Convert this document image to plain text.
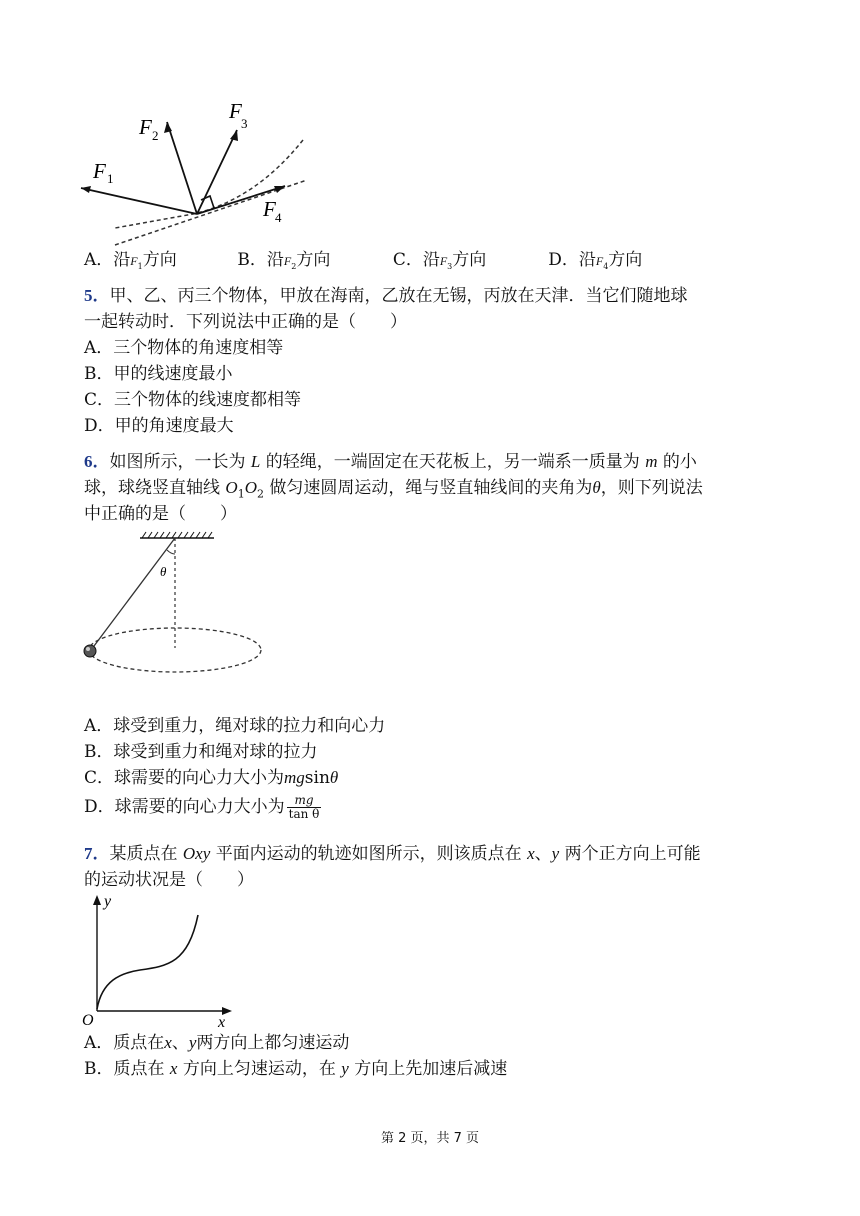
F 1
F 2
F
3
F 4
A．沿F1方向	B．沿F2方向	C．沿F3方向	D．沿F4方向
5．甲、乙、丙三个物体，甲放在海南，乙放在无锡，丙放在天津．当它们随地球
一起转动时．下列说法中正确的是（　　）
A．三个物体的角速度相等
B．甲的线速度最小
C．三个物体的线速度都相等
D．甲的角速度最大
6．如图所示，一长为 L 的轻绳，一端固定在天花板上，另一端系一质量为 m 的小
球，球绕竖直轴线 $O_1O_2$ 做匀速圆周运动，绳与竖直轴线间的夹角为θ，则下列说法
中正确的是（　　）
θ
A．球受到重力，绳对球的拉力和向心力
B．球受到重力和绳对球的拉力
C．球需要的向心力大小为mgsinθ
D．球需要的向心力大小为 $\frac{mg}{\text{tan θ}}$
7．某质点在 Oxy 平面内运动的轨迹如图所示，则该质点在 x、y 两个正方向上可能
的运动状况是（　　）
y
x
O
A．质点在x、y两方向上都匀速运动
B．质点在 x 方向上匀速运动，在 y 方向上先加速后减速
第 2 页，共 7 页
